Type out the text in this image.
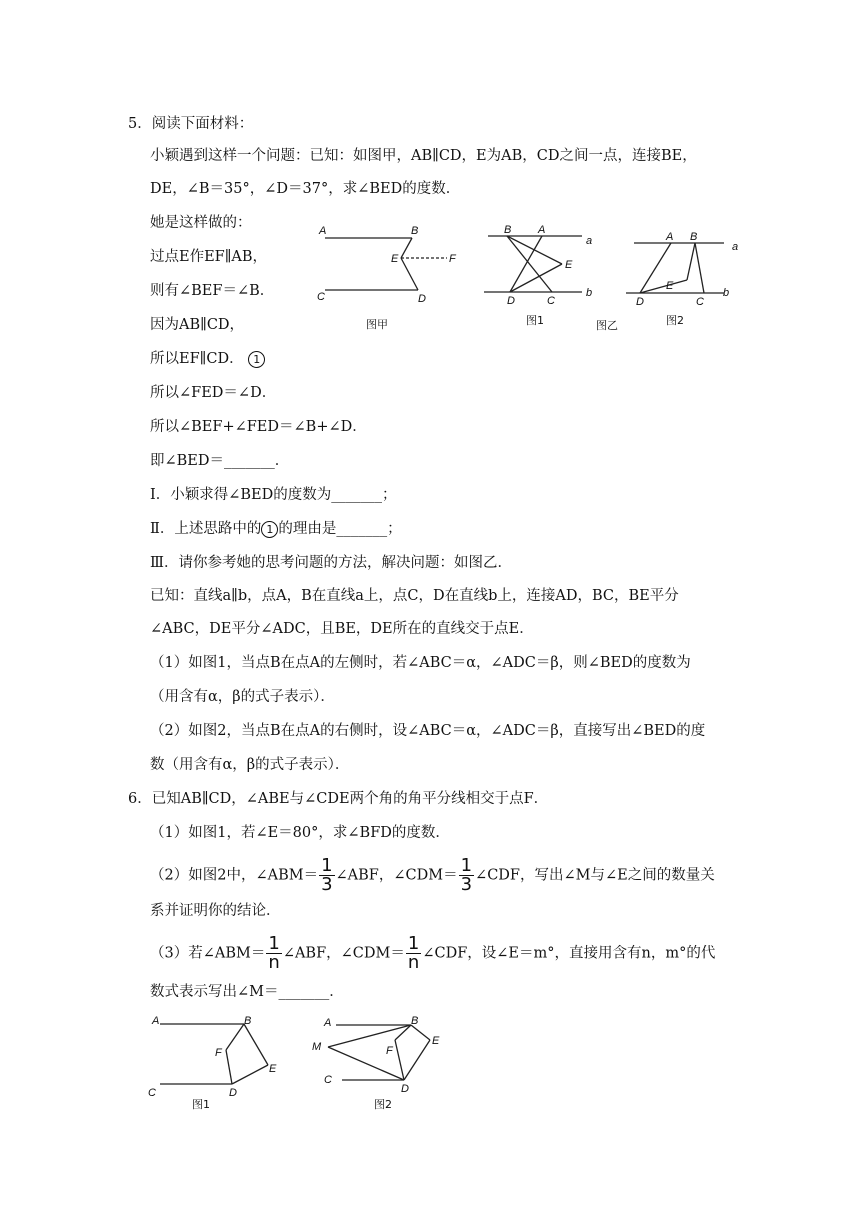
5．阅读下面材料：
小颖遇到这样一个问题：已知：如图甲，AB∥CD，E为AB，CD之间一点，连接BE，
DE，∠B＝35°，∠D＝37°，求∠BED的度数．
她是这样做的：
过点E作EF∥AB，
则有∠BEF＝∠B．
因为AB∥CD，
所以EF∥CD． 1
所以∠FED＝∠D．
所以∠BEF+∠FED＝∠B+∠D．
即∠BED＝_______．
Ⅰ．小颖求得∠BED的度数为_______；
Ⅱ．上述思路中的 1 的理由是_______；
Ⅲ．请你参考她的思考问题的方法，解决问题：如图乙．
已知：直线a∥b，点A，B在直线a上，点C，D在直线b上，连接AD，BC，BE平分
∠ABC，DE平分∠ADC，且BE，DE所在的直线交于点E．
（1）如图1，当点B在点A的左侧时，若∠ABC＝α，∠ADC＝β，则∠BED的度数为
（用含有α，β的式子表示）．
（2）如图2，当点B在点A的右侧时，设∠ABC＝α，∠ADC＝β，直接写出∠BED的度
数（用含有α，β的式子表示）．
A	B
E	F
C	D
图甲
B A
a
E
D	C
b
图1	图乙
A B
a
E
D	C
b
图2
6．已知AB∥CD，∠ABE与∠CDE两个角的角平分线相交于点F．
（1）如图1，若∠E＝80°，求∠BFD的度数．
（2）如图2中，∠ABM＝ $\frac{1}{3}$ ∠ABF，∠CDM＝ $\frac{1}{3}$ ∠CDF，写出∠M与∠E之间的数量关
系并证明你的结论．
（3）若∠ABM＝ $\frac{1}{n}$ ∠ABF，∠CDM＝ $\frac{1}{n}$ ∠CDF，设∠E＝m°，直接用含有n，m°的代
数式表示写出∠M＝_______．
A	B
F
E
C	D
图1
A	B
M	F
E
C
D
图2
